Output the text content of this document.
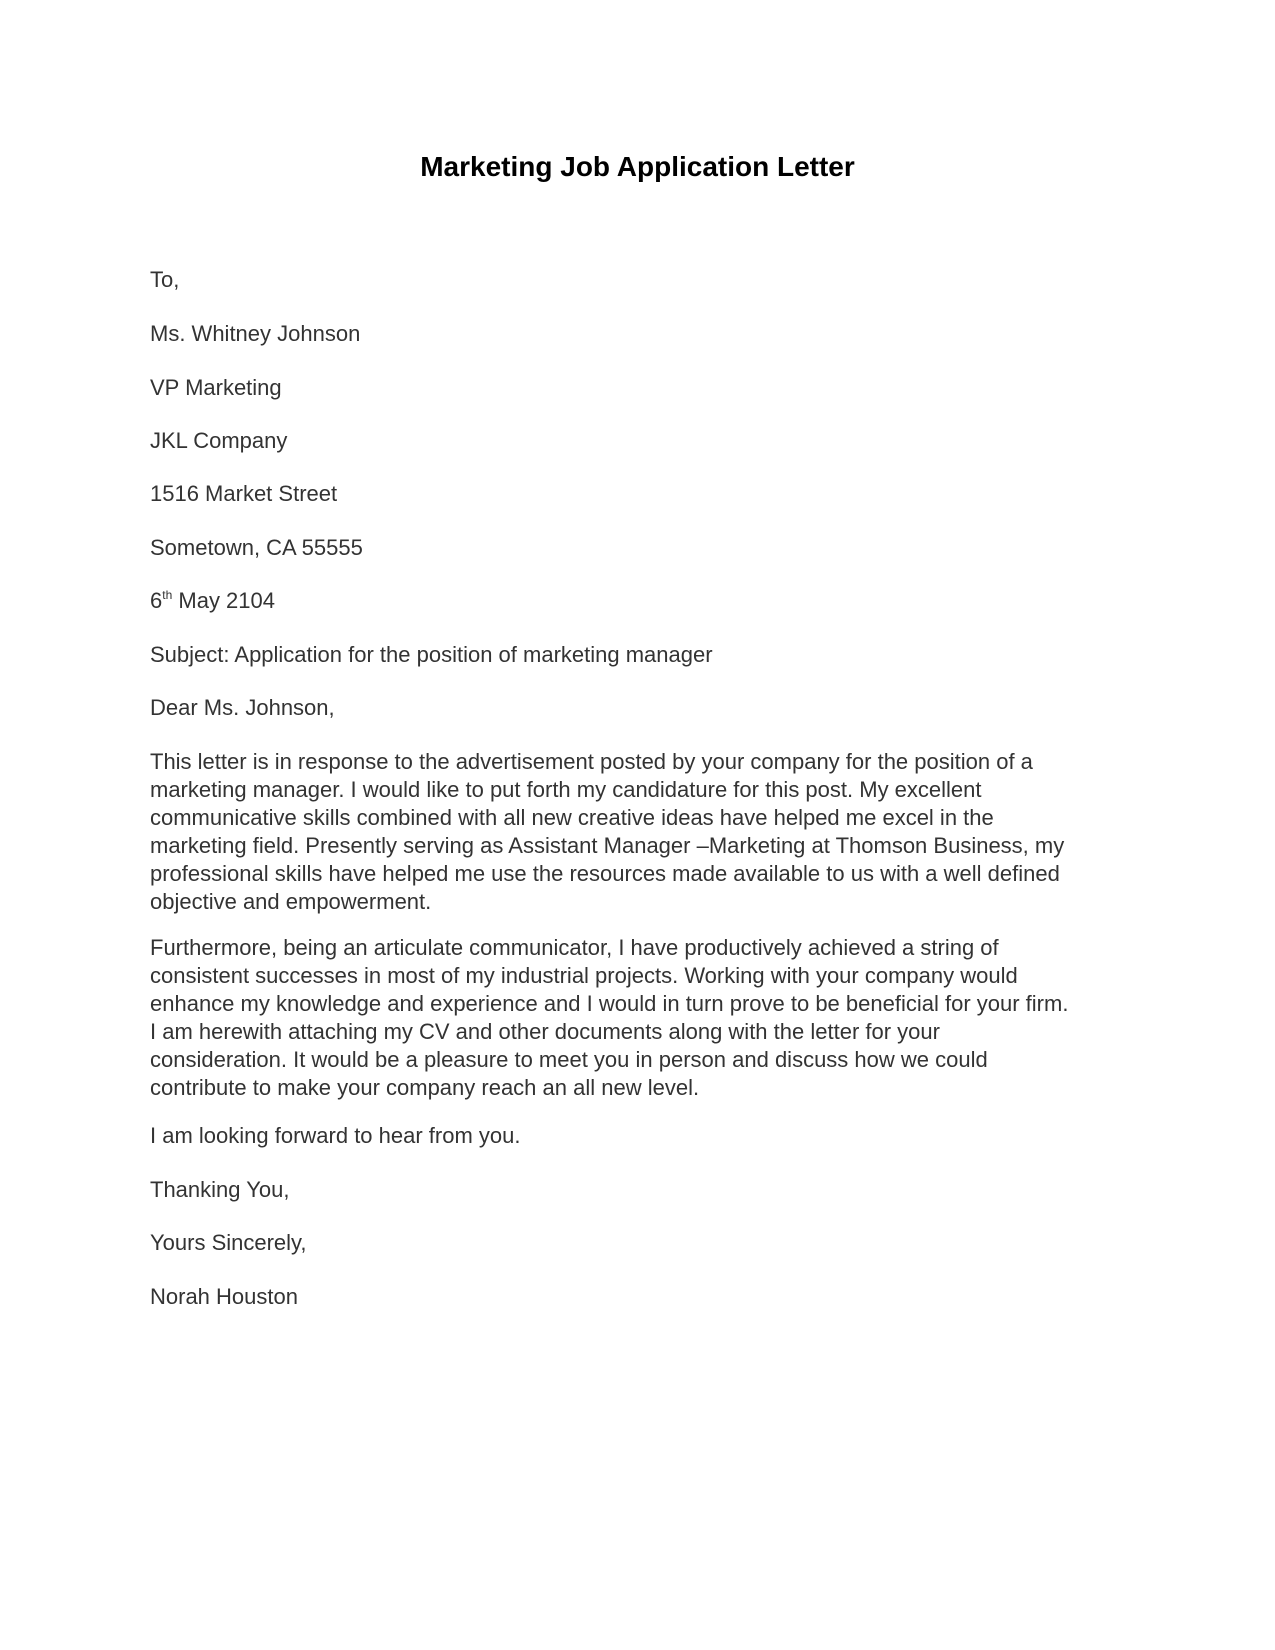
Marketing Job Application Letter

To,

Ms. Whitney Johnson

VP Marketing

JKL Company

1516 Market Street

Sometown, CA 55555

6th May 2104

Subject: Application for the position of marketing manager

Dear Ms. Johnson,

This letter is in response to the advertisement posted by your company for the position of a
marketing manager. I would like to put forth my candidature for this post. My excellent
communicative skills combined with all new creative ideas have helped me excel in the
marketing field. Presently serving as Assistant Manager –Marketing at Thomson Business, my
professional skills have helped me use the resources made available to us with a well defined
objective and empowerment.
Furthermore, being an articulate communicator, I have productively achieved a string of
consistent successes in most of my industrial projects. Working with your company would
enhance my knowledge and experience and I would in turn prove to be beneficial for your firm.
I am herewith attaching my CV and other documents along with the letter for your
consideration. It would be a pleasure to meet you in person and discuss how we could
contribute to make your company reach an all new level.

I am looking forward to hear from you.

Thanking You,

Yours Sincerely,

Norah Houston
